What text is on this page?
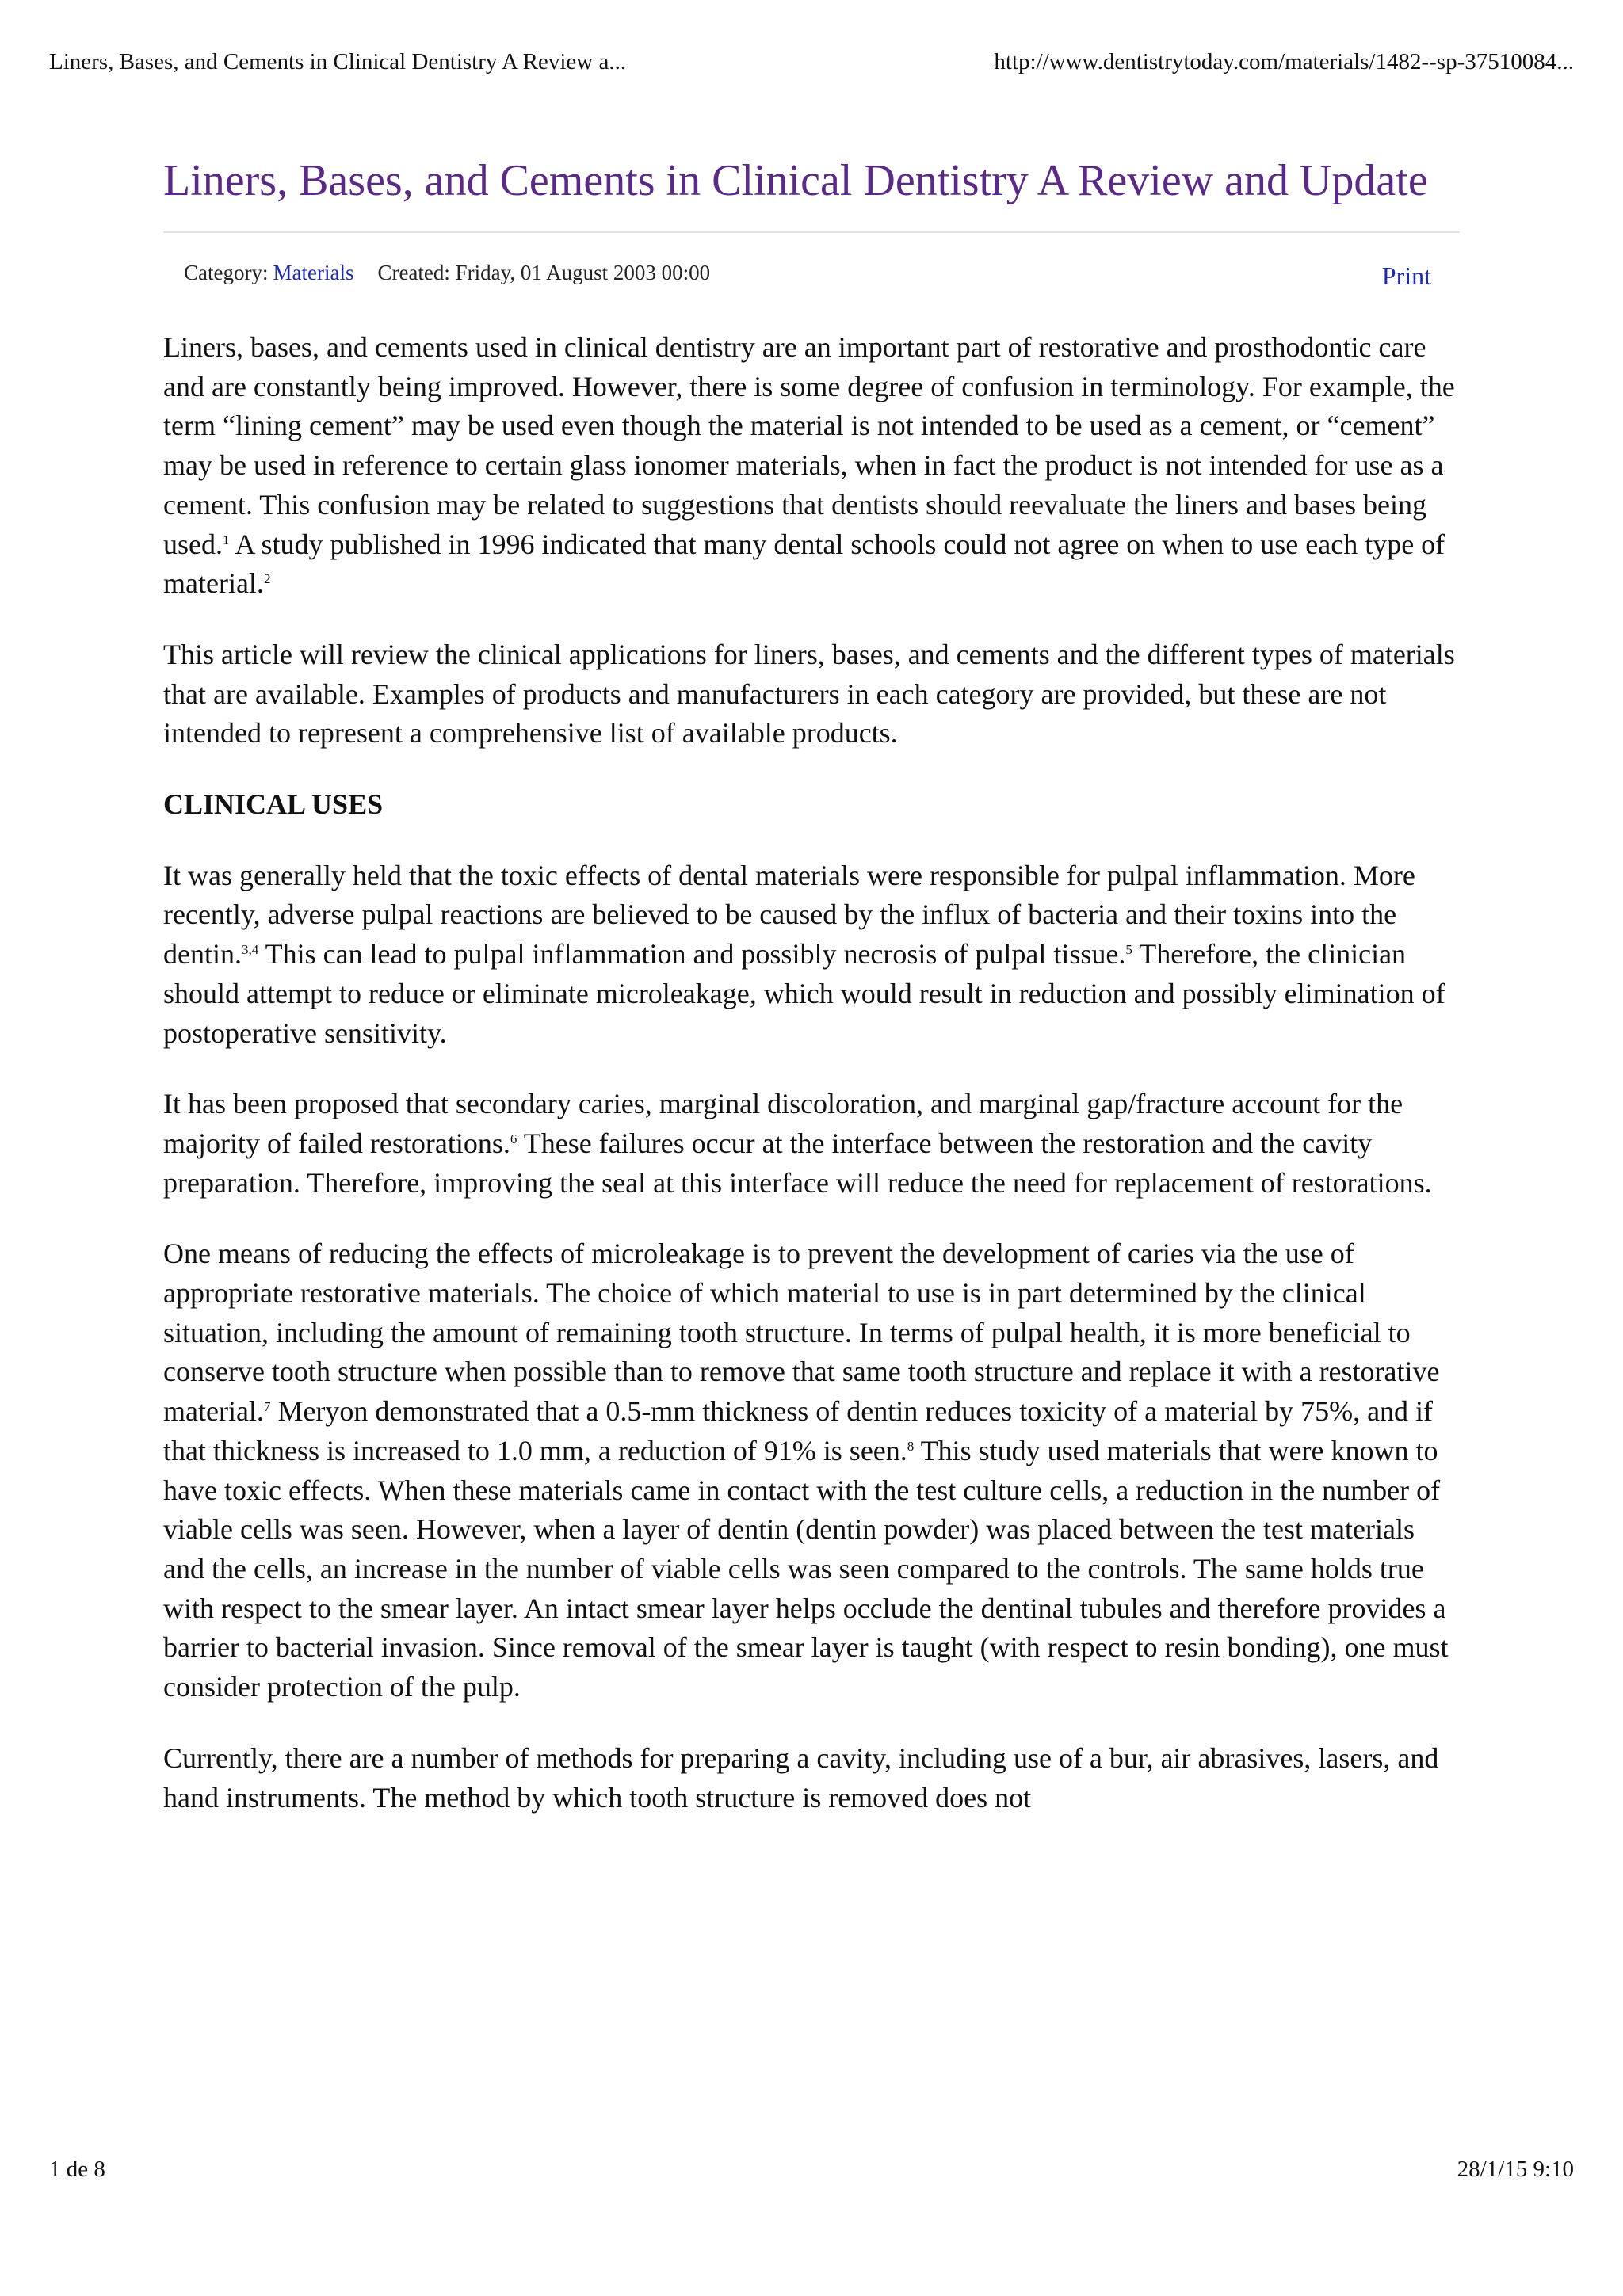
Liners, Bases, and Cements in Clinical Dentistry A Review a...	http://www.dentistrytoday.com/materials/1482--sp-37510084...
Liners, Bases, and Cements in Clinical Dentistry A Review and Update
Category: Materials Created: Friday, 01 August 2003 00:00	Print

Liners, bases, and cements used in clinical dentistry are an important part of restorative and prosthodontic care and are constantly being improved. However, there is some degree of confusion in terminology. For example, the term “lining cement” may be used even though the material is not intended to be used as a cement, or “cement” may be used in reference to certain glass ionomer materials, when in fact the product is not intended for use as a cement. This confusion may be related to suggestions that dentists should reevaluate the liners and bases being used.$^1$ A study published in 1996 indicated that many dental schools could not agree on when to use each type of material.$^2$

This article will review the clinical applications for liners, bases, and cements and the different types of materials that are available. Examples of products and manufacturers in each category are provided, but these are not intended to represent a comprehensive list of available products.

CLINICAL USES

It was generally held that the toxic effects of dental materials were responsible for pulpal inflammation. More recently, adverse pulpal reactions are believed to be caused by the influx of bacteria and their toxins into the dentin.$^{3,4}$ This can lead to pulpal inflammation and possibly necrosis of pulpal tissue.$^5$ Therefore, the clinician should attempt to reduce or eliminate microleakage, which would result in reduction and possibly elimination of postoperative sensitivity.

It has been proposed that secondary caries, marginal discoloration, and marginal gap/fracture account for the majority of failed restorations.$^6$ These failures occur at the interface between the restoration and the cavity preparation. Therefore, improving the seal at this interface will reduce the need for replacement of restorations.

One means of reducing the effects of microleakage is to prevent the development of caries via the use of appropriate restorative materials. The choice of which material to use is in part determined by the clinical situation, including the amount of remaining tooth structure. In terms of pulpal health, it is more beneficial to conserve tooth structure when possible than to remove that same tooth structure and replace it with a restorative material.$^7$ Meryon demonstrated that a 0.5-mm thickness of dentin reduces toxicity of a material by 75%, and if that thickness is increased to 1.0 mm, a reduction of 91% is seen.$^8$ This study used materials that were known to have toxic effects. When these materials came in contact with the test culture cells, a reduction in the number of viable cells was seen. However, when a layer of dentin (dentin powder) was placed between the test materials and the cells, an increase in the number of viable cells was seen compared to the controls. The same holds true with respect to the smear layer. An intact smear layer helps occlude the dentinal tubules and therefore provides a barrier to bacterial invasion. Since removal of the smear layer is taught (with respect to resin bonding), one must consider protection of the pulp.

Currently, there are a number of methods for preparing a cavity, including use of a bur, air abrasives, lasers, and hand instruments. The method by which tooth structure is removed does not

1 de 8	28/1/15 9:10
